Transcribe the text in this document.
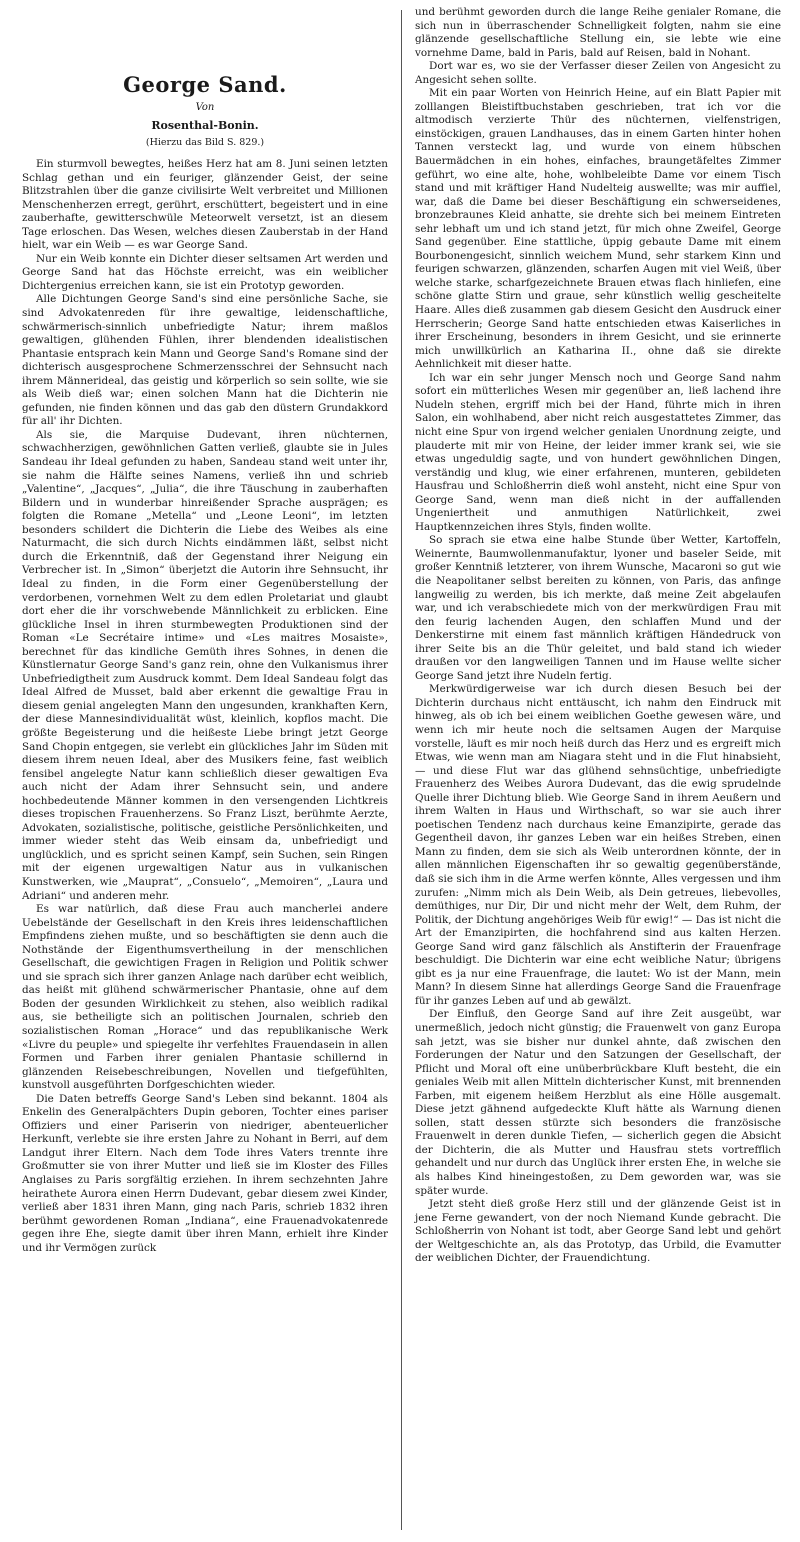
George Sand.
Von
Rosenthal-Bonin.
(Hierzu das Bild S. 829.)

Ein sturmvoll bewegtes, heißes Herz hat am 8. Juni seinen letzten Schlag gethan und ein feuriger, glänzender Geist, der seine Blitzstrahlen über die ganze civilisirte Welt verbreitet und Millionen Menschenherzen erregt, gerührt, erschüttert, begeistert und in eine zauberhafte, gewitterschwüle Meteorwelt versetzt, ist an diesem Tage erloschen. Das Wesen, welches diesen Zauberstab in der Hand hielt, war ein Weib — es war George Sand.

Nur ein Weib konnte ein Dichter dieser seltsamen Art werden und George Sand hat das Höchste erreicht, was ein weiblicher Dichtergenius erreichen kann, sie ist ein Prototyp geworden.

Alle Dichtungen George Sand's sind eine persönliche Sache, sie sind Advokatenreden für ihre gewaltige, leidenschaftliche, schwärmerisch-sinnlich unbefriedigte Natur; ihrem maßlos gewaltigen, glühenden Fühlen, ihrer blendenden idealistischen Phantasie entsprach kein Mann und George Sand's Romane sind der dichterisch ausgesprochene Schmerzensschrei der Sehnsucht nach ihrem Männerideal, das geistig und körperlich so sein sollte, wie sie als Weib dieß war; einen solchen Mann hat die Dichterin nie gefunden, nie finden können und das gab den düstern Grundakkord für all' ihr Dichten.

Als sie, die Marquise Dudevant, ihren nüchternen, schwachherzigen, gewöhnlichen Gatten verließ, glaubte sie in Jules Sandeau ihr Ideal gefunden zu haben, Sandeau stand weit unter ihr, sie nahm die Hälfte seines Namens, verließ ihn und schrieb „Valentine“, „Jacques“, „Julia“, die ihre Täuschung in zauberhaften Bildern und in wunderbar hinreißender Sprache ausprägen; es folgten die Romane „Metella“ und „Leone Leoni“, im letzten besonders schildert die Dichterin die Liebe des Weibes als eine Naturmacht, die sich durch Nichts eindämmen läßt, selbst nicht durch die Erkenntniß, daß der Gegenstand ihrer Neigung ein Verbrecher ist. In „Simon“ überjetzt die Autorin ihre Sehnsucht, ihr Ideal zu finden, in die Form einer Gegenüberstellung der verdorbenen, vornehmen Welt zu dem edlen Proletariat und glaubt dort eher die ihr vorschwebende Männlichkeit zu erblicken. Eine glückliche Insel in ihren sturmbewegten Produktionen sind der Roman «Le Secrétaire intime» und «Les maitres Mosaiste», berechnet für das kindliche Gemüth ihres Sohnes, in denen die Künstlernatur George Sand's ganz rein, ohne den Vulkanismus ihrer Unbefriedigtheit zum Ausdruck kommt. Dem Ideal Sandeau folgt das Ideal Alfred de Musset, bald aber erkennt die gewaltige Frau in diesem genial angelegten Mann den ungesunden, krankhaften Kern, der diese Mannesindividualität wüst, kleinlich, kopflos macht. Die größte Begeisterung und die heißeste Liebe bringt jetzt George Sand Chopin entgegen, sie verlebt ein glückliches Jahr im Süden mit diesem ihrem neuen Ideal, aber des Musikers feine, fast weiblich fensibel angelegte Natur kann schließlich dieser gewaltigen Eva auch nicht der Adam ihrer Sehnsucht sein, und andere hochbedeutende Männer kommen in den versengenden Lichtkreis dieses tropischen Frauenherzens. So Franz Liszt, berühmte Aerzte, Advokaten, sozialistische, politische, geistliche Persönlichkeiten, und immer wieder steht das Weib einsam da, unbefriedigt und unglücklich, und es spricht seinen Kampf, sein Suchen, sein Ringen mit der eigenen urgewaltigen Natur aus in vulkanischen Kunstwerken, wie „Mauprat“, „Consuelo“, „Memoiren“, „Laura und Adriani“ und anderen mehr.

Es war natürlich, daß diese Frau auch mancherlei andere Uebelstände der Gesellschaft in den Kreis ihres leidenschaftlichen Empfindens ziehen mußte, und so beschäftigten sie denn auch die Nothstände der Eigenthumsvertheilung in der menschlichen Gesellschaft, die gewichtigen Fragen in Religion und Politik schwer und sie sprach sich ihrer ganzen Anlage nach darüber echt weiblich, das heißt mit glühend schwärmerischer Phantasie, ohne auf dem Boden der gesunden Wirklichkeit zu stehen, also weiblich radikal aus, sie betheiligte sich an politischen Journalen, schrieb den sozialistischen Roman „Horace“ und das republikanische Werk «Livre du peuple» und spiegelte ihr verfehltes Frauendasein in allen Formen und Farben ihrer genialen Phantasie schillernd in glänzenden Reisebeschreibungen, Novellen und tiefgefühlten, kunstvoll ausgeführten Dorfgeschichten wieder.

Die Daten betreffs George Sand's Leben sind bekannt. 1804 als Enkelin des Generalpächters Dupin geboren, Tochter eines pariser Offiziers und einer Pariserin von niedriger, abenteuerlicher Herkunft, verlebte sie ihre ersten Jahre zu Nohant in Berri, auf dem Landgut ihrer Eltern. Nach dem Tode ihres Vaters trennte ihre Großmutter sie von ihrer Mutter und ließ sie im Kloster des Filles Anglaises zu Paris sorgfältig erziehen. In ihrem sechzehnten Jahre heirathete Aurora einen Herrn Dudevant, gebar diesem zwei Kinder, verließ aber 1831 ihren Mann, ging nach Paris, schrieb 1832 ihren berühmt gewordenen Roman „Indiana“, eine Frauenadvokatenrede gegen ihre Ehe, siegte damit über ihren Mann, erhielt ihre Kinder und ihr Vermögen zurück

und berühmt geworden durch die lange Reihe genialer Romane, die sich nun in überraschender Schnelligkeit folgten, nahm sie eine glänzende gesellschaftliche Stellung ein, sie lebte wie eine vornehme Dame, bald in Paris, bald auf Reisen, bald in Nohant.

Dort war es, wo sie der Verfasser dieser Zeilen von Angesicht zu Angesicht sehen sollte.

Mit ein paar Worten von Heinrich Heine, auf ein Blatt Papier mit zolllangen Bleistiftbuchstaben geschrieben, trat ich vor die altmodisch verzierte Thür des nüchternen, vielfenstrigen, einstöckigen, grauen Landhauses, das in einem Garten hinter hohen Tannen versteckt lag, und wurde von einem hübschen Bauermädchen in ein hohes, einfaches, braungetäfeltes Zimmer geführt, wo eine alte, hohe, wohlbeleibte Dame vor einem Tisch stand und mit kräftiger Hand Nudelteig auswellte; was mir auffiel, war, daß die Dame bei dieser Beschäftigung ein schwerseidenes, bronzebraunes Kleid anhatte, sie drehte sich bei meinem Eintreten sehr lebhaft um und ich stand jetzt, für mich ohne Zweifel, George Sand gegenüber. Eine stattliche, üppig gebaute Dame mit einem Bourbonengesicht, sinnlich weichem Mund, sehr starkem Kinn und feurigen schwarzen, glänzenden, scharfen Augen mit viel Weiß, über welche starke, scharfgezeichnete Brauen etwas flach hinliefen, eine schöne glatte Stirn und graue, sehr künstlich wellig gescheitelte Haare. Alles dieß zusammen gab diesem Gesicht den Ausdruck einer Herrscherin; George Sand hatte entschieden etwas Kaiserliches in ihrer Erscheinung, besonders in ihrem Gesicht, und sie erinnerte mich unwillkürlich an Katharina II., ohne daß sie direkte Aehnlichkeit mit dieser hatte.

Ich war ein sehr junger Mensch noch und George Sand nahm sofort ein mütterliches Wesen mir gegenüber an, ließ lachend ihre Nudeln stehen, ergriff mich bei der Hand, führte mich in ihren Salon, ein wohlhabend, aber nicht reich ausgestattetes Zimmer, das nicht eine Spur von irgend welcher genialen Unordnung zeigte, und plauderte mit mir von Heine, der leider immer krank sei, wie sie etwas ungeduldig sagte, und von hundert gewöhnlichen Dingen, verständig und klug, wie einer erfahrenen, munteren, gebildeten Hausfrau und Schloßherrin dieß wohl ansteht, nicht eine Spur von George Sand, wenn man dieß nicht in der auffallenden Ungeniertheit und anmuthigen Natürlichkeit, zwei Hauptkennzeichen ihres Styls, finden wollte.

So sprach sie etwa eine halbe Stunde über Wetter, Kartoffeln, Weinernte, Baumwollenmanufaktur, lyoner und baseler Seide, mit großer Kenntniß letzterer, von ihrem Wunsche, Macaroni so gut wie die Neapolitaner selbst bereiten zu können, von Paris, das anfinge langweilig zu werden, bis ich merkte, daß meine Zeit abgelaufen war, und ich verabschiedete mich von der merkwürdigen Frau mit den feurig lachenden Augen, den schlaffen Mund und der Denkerstirne mit einem fast männlich kräftigen Händedruck von ihrer Seite bis an die Thür geleitet, und bald stand ich wieder draußen vor den langweiligen Tannen und im Hause wellte sicher George Sand jetzt ihre Nudeln fertig.

Merkwürdigerweise war ich durch diesen Besuch bei der Dichterin durchaus nicht enttäuscht, ich nahm den Eindruck mit hinweg, als ob ich bei einem weiblichen Goethe gewesen wäre, und wenn ich mir heute noch die seltsamen Augen der Marquise vorstelle, läuft es mir noch heiß durch das Herz und es ergreift mich Etwas, wie wenn man am Niagara steht und in die Flut hinabsieht, — und diese Flut war das glühend sehnsüchtige, unbefriedigte Frauenherz des Weibes Aurora Dudevant, das die ewig sprudelnde Quelle ihrer Dichtung blieb. Wie George Sand in ihrem Aeußern und ihrem Walten in Haus und Wirthschaft, so war sie auch ihrer poetischen Tendenz nach durchaus keine Emanzipirte, gerade das Gegentheil davon, ihr ganzes Leben war ein heißes Streben, einen Mann zu finden, dem sie sich als Weib unterordnen könnte, der in allen männlichen Eigenschaften ihr so gewaltig gegenüberstände, daß sie sich ihm in die Arme werfen könnte, Alles vergessen und ihm zurufen: „Nimm mich als Dein Weib, als Dein getreues, liebevolles, demüthiges, nur Dir, Dir und nicht mehr der Welt, dem Ruhm, der Politik, der Dichtung angehöriges Weib für ewig!“ — Das ist nicht die Art der Emanzipirten, die hochfahrend sind aus kalten Herzen. George Sand wird ganz fälschlich als Anstifterin der Frauenfrage beschuldigt. Die Dichterin war eine echt weibliche Natur; übrigens gibt es ja nur eine Frauenfrage, die lautet: Wo ist der Mann, mein Mann? In diesem Sinne hat allerdings George Sand die Frauenfrage für ihr ganzes Leben auf und ab gewälzt.

Der Einfluß, den George Sand auf ihre Zeit ausgeübt, war unermeßlich, jedoch nicht günstig; die Frauenwelt von ganz Europa sah jetzt, was sie bisher nur dunkel ahnte, daß zwischen den Forderungen der Natur und den Satzungen der Gesellschaft, der Pflicht und Moral oft eine unüberbrückbare Kluft besteht, die ein geniales Weib mit allen Mitteln dichterischer Kunst, mit brennenden Farben, mit eigenem heißem Herzblut als eine Hölle ausgemalt. Diese jetzt gähnend aufgedeckte Kluft hätte als Warnung dienen sollen, statt dessen stürzte sich besonders die französische Frauenwelt in deren dunkle Tiefen, — sicherlich gegen die Absicht der Dichterin, die als Mutter und Hausfrau stets vortrefflich gehandelt und nur durch das Unglück ihrer ersten Ehe, in welche sie als halbes Kind hineingestoßen, zu Dem geworden war, was sie später wurde.

Jetzt steht dieß große Herz still und der glänzende Geist ist in jene Ferne gewandert, von der noch Niemand Kunde gebracht. Die Schloßherrin von Nohant ist todt, aber George Sand lebt und gehört der Weltgeschichte an, als das Prototyp, das Urbild, die Evamutter der weiblichen Dichter, der Frauendichtung.
